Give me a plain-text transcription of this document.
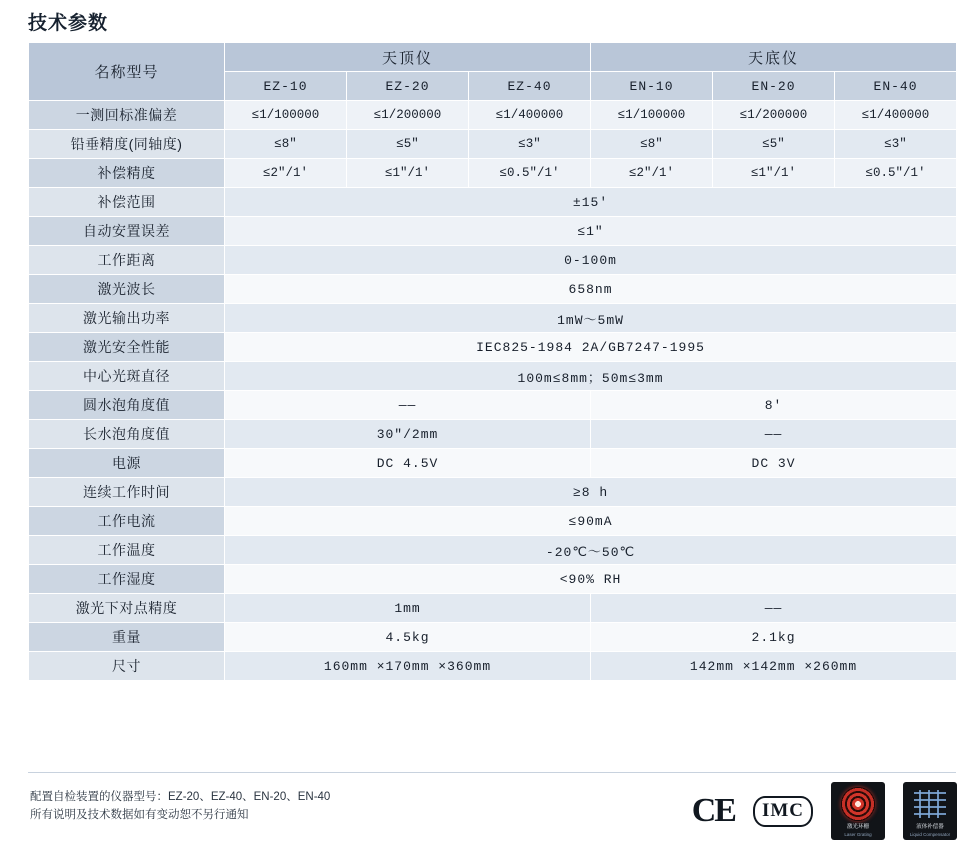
技术参数
名称型号	天顶仪			天底仪		
	EZ-10	EZ-20	EZ-40	EN-10	EN-20	EN-40
一测回标准偏差	≤1/100000	≤1/200000	≤1/400000	≤1/100000	≤1/200000	≤1/400000
铅垂精度(同轴度)	≤8″	≤5″	≤3″	≤8″	≤5″	≤3″
补偿精度	≤2″/1′	≤1″/1′	≤0.5″/1′	≤2″/1′	≤1″/1′	≤0.5″/1′
补偿范围	±15′					
自动安置误差	≤1″					
工作距离	0-100m					
激光波长	658nm					
激光输出功率	1mW～5mW					
激光安全性能	IEC825-1984 2A/GB7247-1995					
中心光斑直径	100m≤8mm；50m≤3mm					
圆水泡角度值	——			8′		
长水泡角度值	30″/2mm			——		
电源	DC 4.5V			DC 3V		
连续工作时间	≥8 h					
工作电流	≤90mA					
工作温度	-20℃～50℃					
工作湿度	<90% RH					
激光下对点精度	1mm			——		
重量	4.5kg			2.1kg		
尺寸	160mm ×170mm ×360mm			142mm ×142mm ×260mm		
配置自检装置的仪器型号：EZ-20、EZ-40、EN-20、EN-40
所有说明及技术数据如有变动恕不另行通知	CE	IMC
激光环栅
Laser Grating
液体补偿器
Liquid Compensator
